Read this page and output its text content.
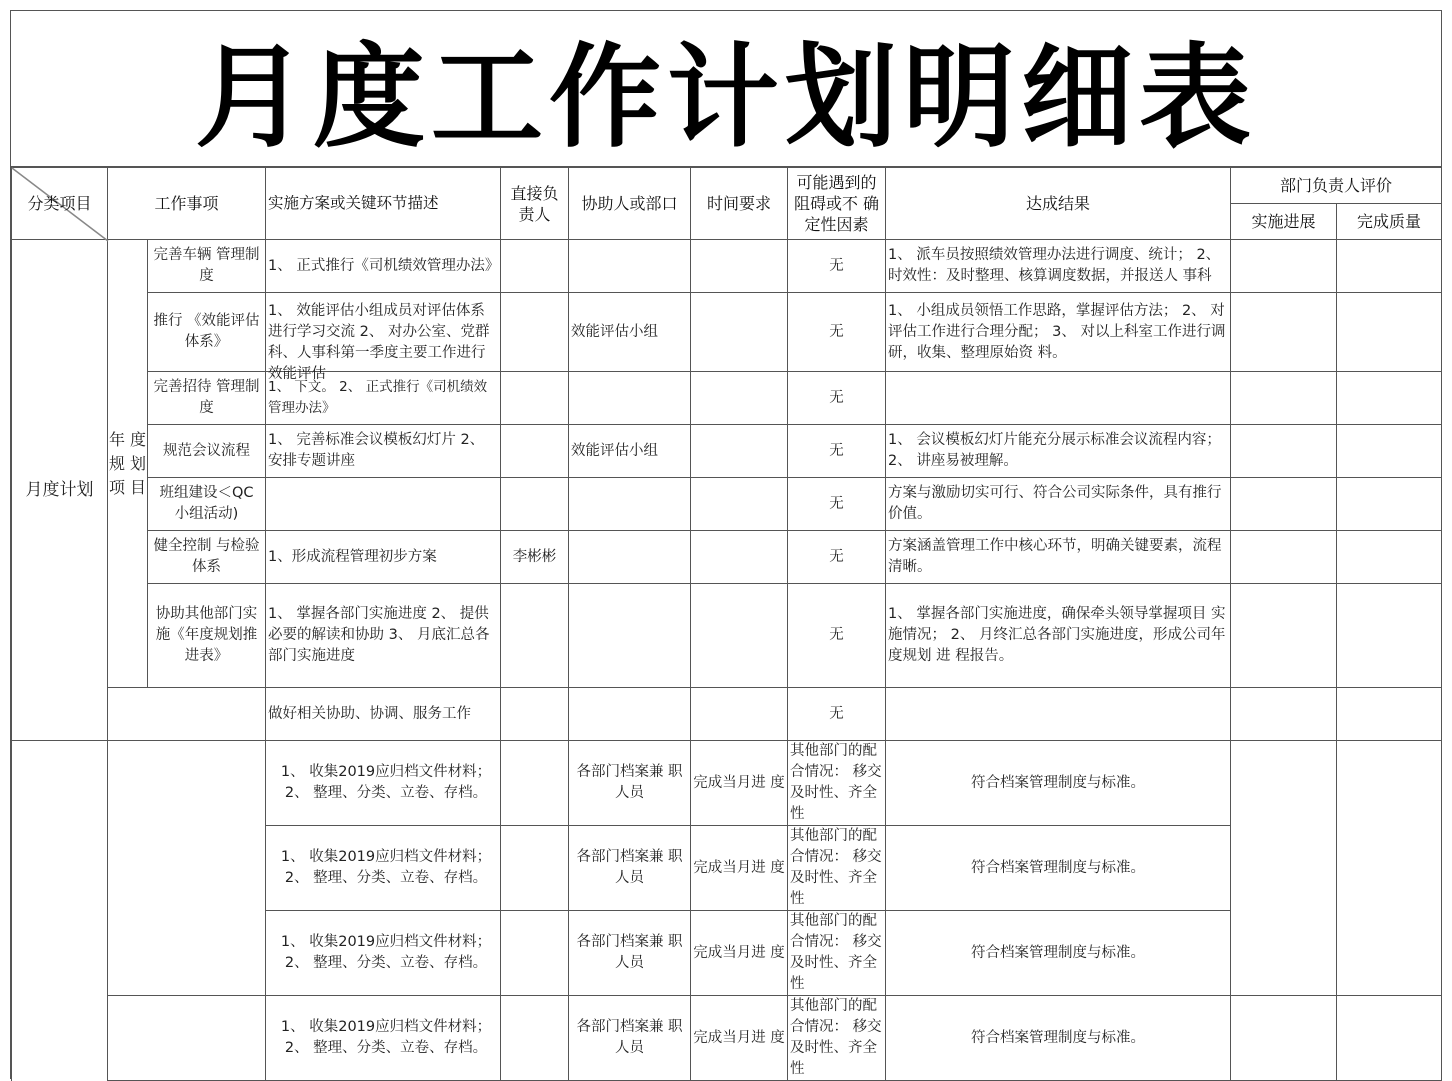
月度工作计划明细表
分类项目	工作事项		实施方案或关键环节描述	直接负责人	协助人或部口	时间要求	可能遇到的阻碍或不 确定性因素	达成结果	部门负责人评价	
									实施进展	完成质量
月度计划	年 度 规 划 项 目	完善车辆 管理制度	1、 正式推行《司机绩效管理办法》				无	1、 派车员按照绩效管理办法进行调度、统计； 2、 时效性：及时整理、核算调度数据，并报送人 事科		

		推行 《效能评估体系》	1、 效能评估小组成员对评估体系进行学习交流 2、 对办公室、党群科、人事科第一季度主要工作进行效能评估		效能评估小组		无	1、 小组成员领悟工作思路，掌握评估方法； 2、 对评估工作进行合理分配； 3、 对以上科室工作进行调研，收集、整理原始资 料。		
		完善招待 管理制度	1、 下文。 2、 正式推行《司机绩效管理办法》				无			
		规范会议流程	1、 完善标准会议模板幻灯片 2、 安排专题讲座		效能评估小组		无	1、 会议模板幻灯片能充分展示标准会议流程内容； 2、 讲座易被理解。		
		班组建设＜QC 小组活动)					无	方案与激励切实可行、符合公司实际条件，具有推行价值。		
		健全控制 与检验体系	1、形成流程管理初步方案	李彬彬			无	方案涵盖管理工作中核心环节，明确关键要素，流程清晰。		
		协助其他部门实施《年度规划推进表》	1、 掌握各部门实施进度 2、 提供必要的解读和协助 3、 月底汇总各部门实施进度				无	1、 掌握各部门实施进度，确保牵头领导掌握项目 实施情况； 2、 月终汇总各部门实施进度，形成公司年度规划 进 程报告。		
			做好相关协助、协调、服务工作				无			
			1、 收集2019应归档文件材料； 2、 整理、分类、立卷、存档。		各部门档案兼 职人员	完成当月进 度	其他部门的配合情况： 移交及时性、齐全性	符合档案管理制度与标准。		
			1、 收集2019应归档文件材料； 2、 整理、分类、立卷、存档。		各部门档案兼 职人员	完成当月进 度	其他部门的配合情况： 移交及时性、齐全性	符合档案管理制度与标准。		
			1、 收集2019应归档文件材料； 2、 整理、分类、立卷、存档。		各部门档案兼 职人员	完成当月进 度	其他部门的配合情况： 移交及时性、齐全性	符合档案管理制度与标准。		
			1、 收集2019应归档文件材料； 2、 整理、分类、立卷、存档。		各部门档案兼 职人员	完成当月进 度	其他部门的配合情况： 移交及时性、齐全性	符合档案管理制度与标准。		
